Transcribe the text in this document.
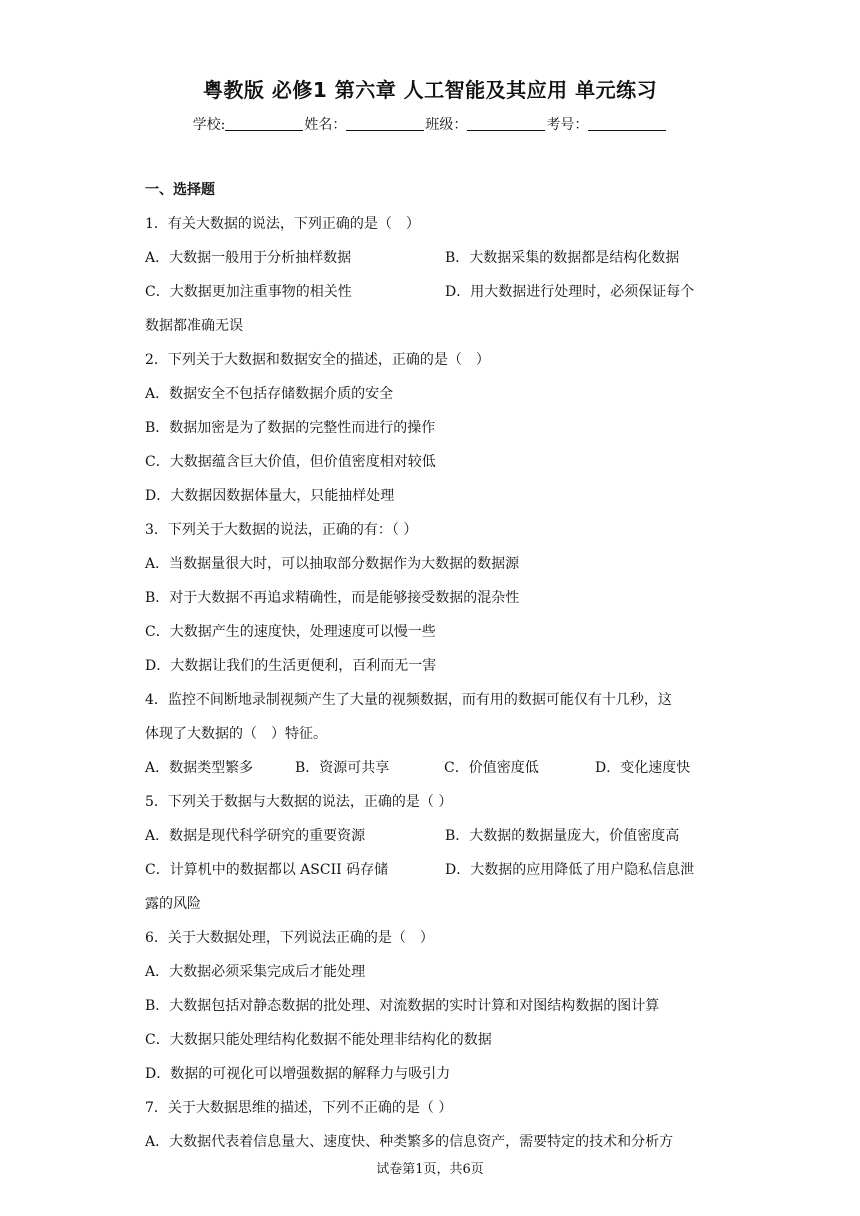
粤教版 必修1 第六章 人工智能及其应用 单元练习
学校:	姓名：	班级：	考号：
一、选择题
1．有关大数据的说法，下列正确的是（　）
A．大数据一般用于分析抽样数据	B．大数据采集的数据都是结构化数据
C．大数据更加注重事物的相关性	D．用大数据进行处理时，必须保证每个
数据都准确无误
2．下列关于大数据和数据安全的描述，正确的是（　）
A．数据安全不包括存储数据介质的安全
B．数据加密是为了数据的完整性而进行的操作
C．大数据蕴含巨大价值，但价值密度相对较低
D．大数据因数据体量大，只能抽样处理
3．下列关于大数据的说法，正确的有：（ ）
A．当数据量很大时，可以抽取部分数据作为大数据的数据源
B．对于大数据不再追求精确性，而是能够接受数据的混杂性
C．大数据产生的速度快，处理速度可以慢一些
D．大数据让我们的生活更便利，百利而无一害
4．监控不间断地录制视频产生了大量的视频数据，而有用的数据可能仅有十几秒，这
体现了大数据的（　）特征。
A．数据类型繁多	B．资源可共享	C．价值密度低	D．变化速度快
5．下列关于数据与大数据的说法，正确的是（ ）
A．数据是现代科学研究的重要资源	B．大数据的数据量庞大，价值密度高
C．计算机中的数据都以 ASCII 码存储	D．大数据的应用降低了用户隐私信息泄
露的风险
6．关于大数据处理，下列说法正确的是（　）
A．大数据必须采集完成后才能处理
B．大数据包括对静态数据的批处理、对流数据的实时计算和对图结构数据的图计算
C．大数据只能处理结构化数据不能处理非结构化的数据
D．数据的可视化可以增强数据的解释力与吸引力
7．关于大数据思维的描述，下列不正确的是（ ）
A．大数据代表着信息量大、速度快、种类繁多的信息资产，需要特定的技术和分析方
试卷第1页，共6页
